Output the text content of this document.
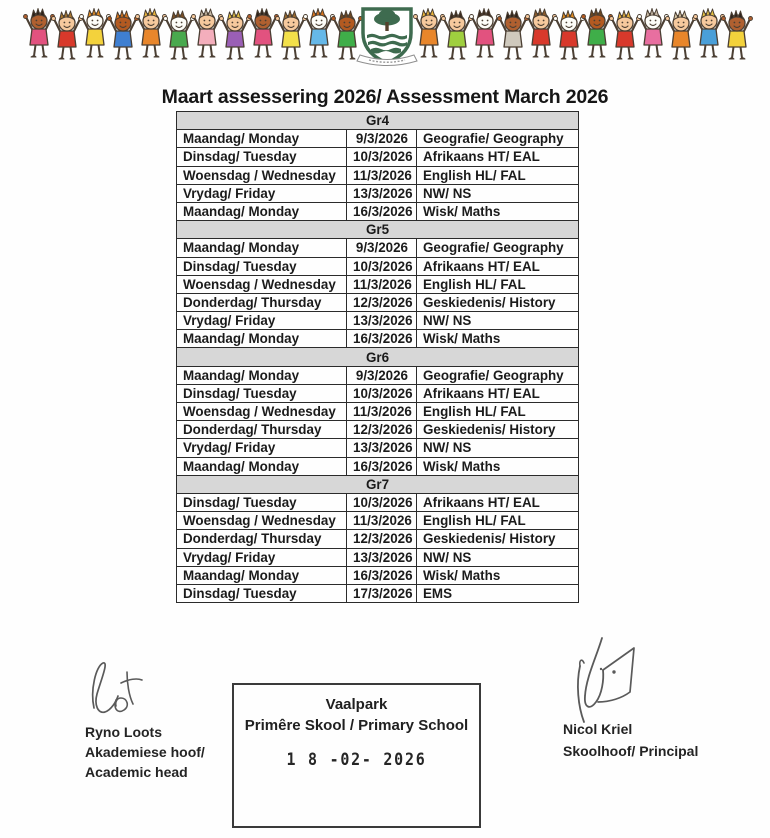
Maart assessering 2026/ Assessment March 2026
Gr4		
Maandag/ Monday	9/3/2026	Geografie/ Geography
Dinsdag/ Tuesday	10/3/2026	Afrikaans HT/ EAL
Woensdag / Wednesday	11/3/2026	English HL/ FAL
Vrydag/ Friday	13/3/2026	NW/ NS
Maandag/ Monday	16/3/2026	Wisk/ Maths
Gr5		
Maandag/ Monday	9/3/2026	Geografie/ Geography
Dinsdag/ Tuesday	10/3/2026	Afrikaans HT/ EAL
Woensdag / Wednesday	11/3/2026	English HL/ FAL
Donderdag/ Thursday	12/3/2026	Geskiedenis/ History
Vrydag/ Friday	13/3/2026	NW/ NS
Maandag/ Monday	16/3/2026	Wisk/ Maths
Gr6		
Maandag/ Monday	9/3/2026	Geografie/ Geography
Dinsdag/ Tuesday	10/3/2026	Afrikaans HT/ EAL
Woensdag / Wednesday	11/3/2026	English HL/ FAL
Donderdag/ Thursday	12/3/2026	Geskiedenis/ History
Vrydag/ Friday	13/3/2026	NW/ NS
Maandag/ Monday	16/3/2026	Wisk/ Maths
Gr7		
Dinsdag/ Tuesday	10/3/2026	Afrikaans HT/ EAL
Woensdag / Wednesday	11/3/2026	English HL/ FAL
Donderdag/ Thursday	12/3/2026	Geskiedenis/ History
Vrydag/ Friday	13/3/2026	NW/ NS
Maandag/ Monday	16/3/2026	Wisk/ Maths
Dinsdag/ Tuesday	17/3/2026	EMS
Ryno Loots
Akademiese hoof/
Academic head
Vaalpark
Primêre Skool / Primary School
1 8 -02- 2026
Nicol Kriel
Skoolhoof/ Principal
